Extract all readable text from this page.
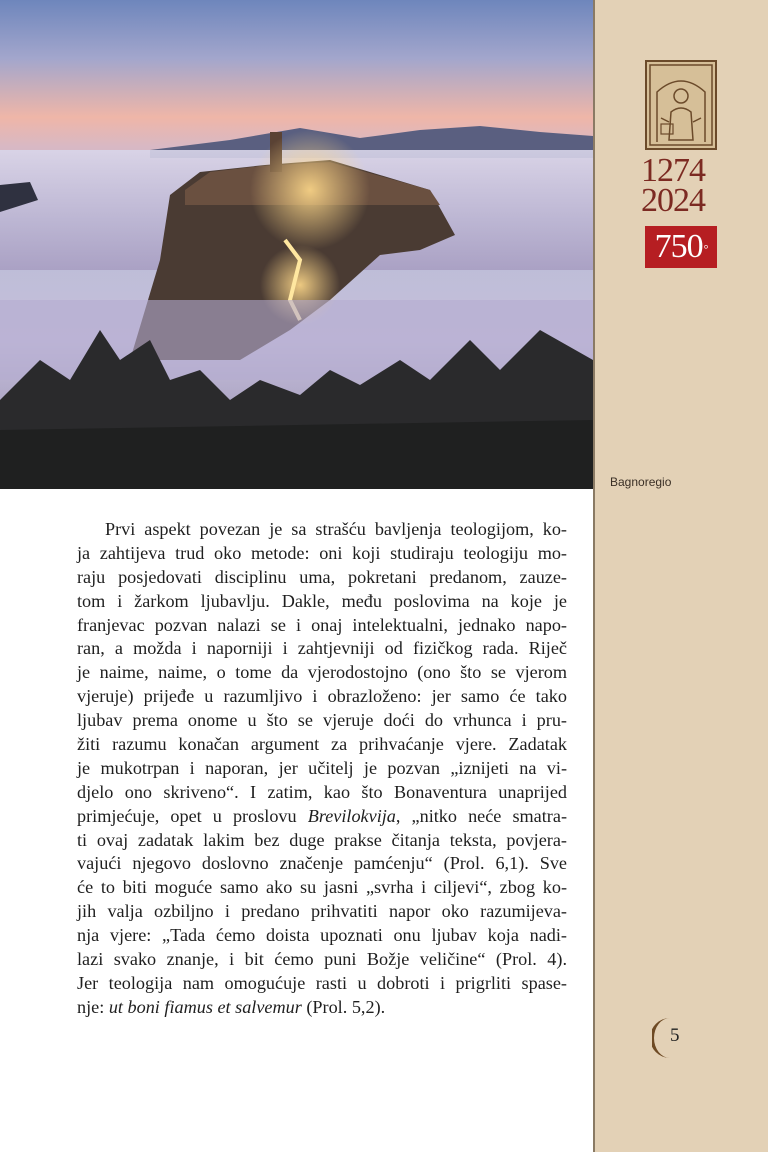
1274
2024
750°
Bagnoregio
5
Prvi aspekt povezan je sa strašću bavljenja teologijom, ko-
ja zahtijeva trud oko metode: oni koji studiraju teologiju mo-
raju posjedovati disciplinu uma, pokretani predanom, zauze-
tom i žarkom ljubavlju. Dakle, među poslovima na koje je
franjevac pozvan nalazi se i onaj intelektualni, jednako napo-
ran, a možda i naporniji i zahtjevniji od fizičkog rada. Riječ
je naime, naime, o tome da vjerodostojno (ono što se vjerom
vjeruje) prijeđe u razumljivo i obrazloženo: jer samo će tako
ljubav prema onome u što se vjeruje doći do vrhunca i pru-
žiti razumu konačan argument za prihvaćanje vjere. Zadatak
je mukotrpan i naporan, jer učitelj je pozvan „iznijeti na vi-
djelo ono skriveno“. I zatim, kao što Bonaventura unaprijed
primjećuje, opet u proslovu Brevilokvija, „nitko neće smatra-
ti ovaj zadatak lakim bez duge prakse čitanja teksta, povjera-
vajući njegovo doslovno značenje pamćenju“ (Prol. 6,1). Sve
će to biti moguće samo ako su jasni „svrha i ciljevi“, zbog ko-
jih valja ozbiljno i predano prihvatiti napor oko razumijeva-
nja vjere: „Tada ćemo doista upoznati onu ljubav koja nadi-
lazi svako znanje, i bit ćemo puni Božje veličine“ (Prol. 4).
Jer teologija nam omogućuje rasti u dobroti i prigrliti spase-
nje: ut boni fiamus et salvemur (Prol. 5,2).
